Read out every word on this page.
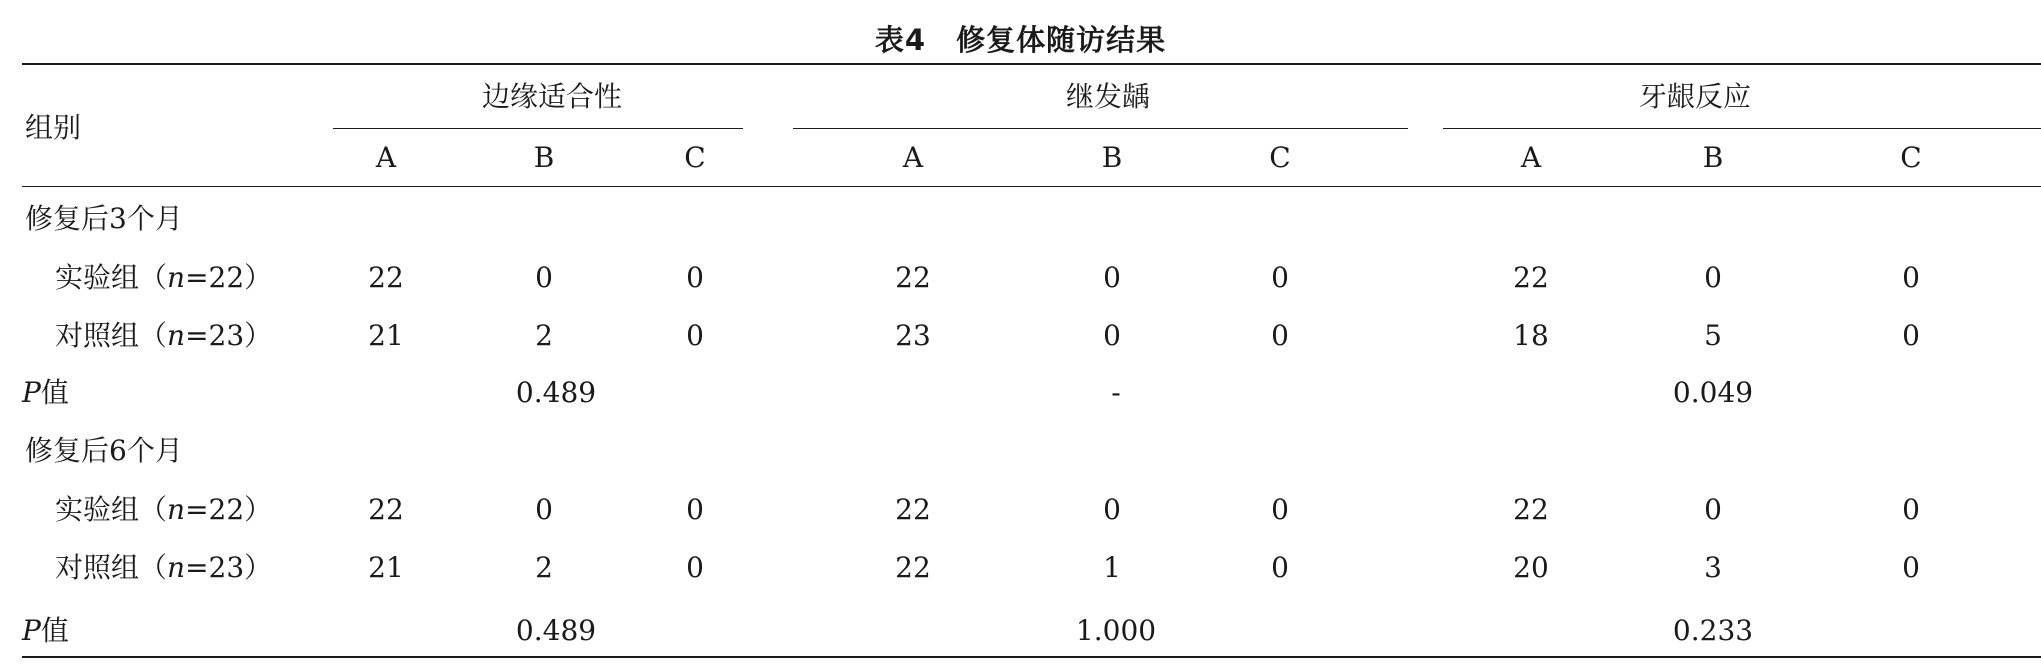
表4　修复体随访结果
组别
边缘适合性	继发龋	牙龈反应
A	B	C	A	B	C	A	B	C
修复后3个月
实验组（n=22）	22	0	0	22	0	0	22	0	0
对照组（n=23）	21	2	0	23	0	0	18	5	0
P值	0.489	-	0.049
修复后6个月
实验组（n=22）	22	0	0	22	0	0	22	0	0
对照组（n=23）	21	2	0	22	1	0	20	3	0
P值	0.489	1.000	0.233
